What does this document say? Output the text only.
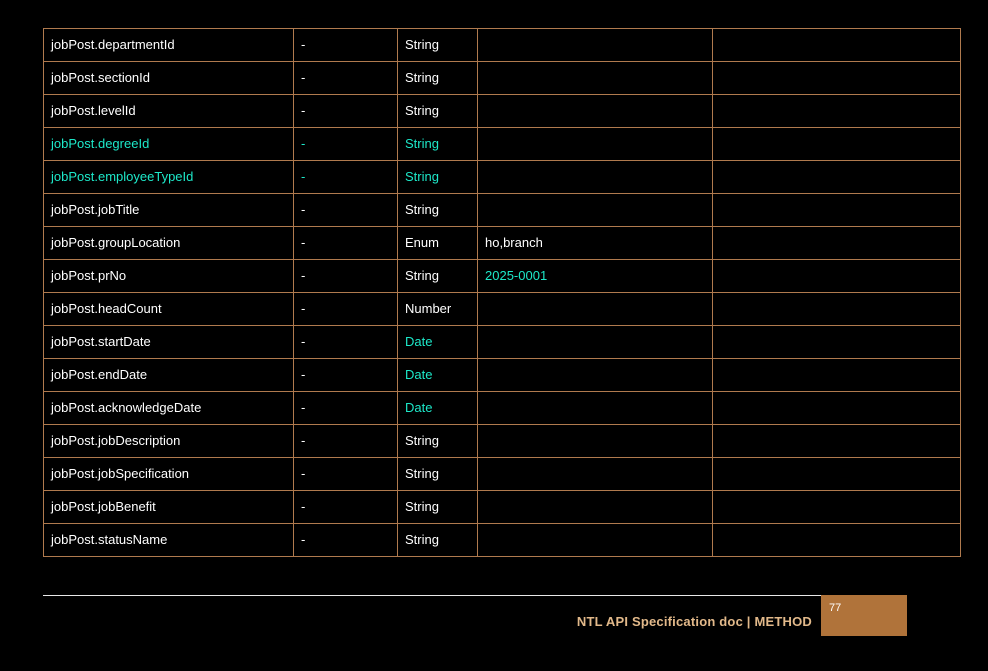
jobPost.departmentId	-	String		
jobPost.sectionId	-	String		
jobPost.levelId	-	String		
jobPost.degreeId	-	String		
jobPost.employeeTypeId	-	String		
jobPost.jobTitle	-	String		
jobPost.groupLocation	-	Enum	ho,branch	
jobPost.prNo	-	String	2025-0001	
jobPost.headCount	-	Number		
jobPost.startDate	-	Date		
jobPost.endDate	-	Date		
jobPost.acknowledgeDate	-	Date		
jobPost.jobDescription	-	String		
jobPost.jobSpecification	-	String		
jobPost.jobBenefit	-	String		
jobPost.statusName	-	String		
NTL API Specification doc | METHOD
77
